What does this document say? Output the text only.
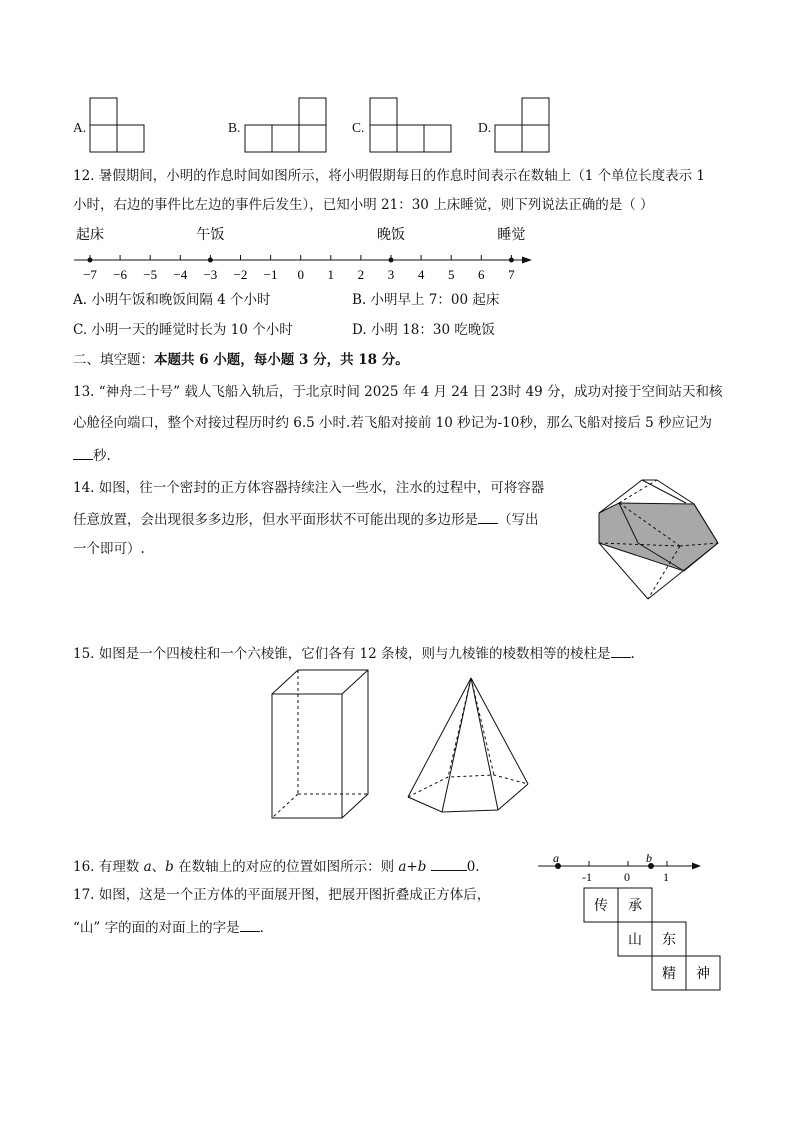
A.	B.	C.	D.
12. 暑假期间，小明的作息时间如图所示，将小明假期每日的作息时间表示在数轴上（1 个单位长度表示 1
小时，右边的事件比左边的事件后发生），已知小明 21：30 上床睡觉，则下列说法正确的是（ ）
起床	午饭	晚饭	睡觉
−7 −6 −5 −4 −3 −2 −1 0 1 2 3 4 5 6 7
A. 小明午饭和晚饭间隔 4 个小时	B. 小明早上 7：00 起床
C. 小明一天的睡觉时长为 10 个小时	D. 小明 18：30 吃晚饭
二、填空题：本题共 6 小题，每小题 3 分，共 18 分。
13. “神舟二十号” 载人飞船入轨后，于北京时间 2025 年 4 月 24 日 23时 49 分，成功对接于空间站天和核
心舱径向端口，整个对接过程历时约 6.5 小时.若飞船对接前 10 秒记为-10秒，那么飞船对接后 5 秒应记为
秒.
14. 如图，往一个密封的正方体容器持续注入一些水，注水的过程中，可将容器
任意放置，会出现很多多边形，但水平面形状不可能出现的多边形是 （写出
一个即可）.
15. 如图是一个四棱柱和一个六棱锥，它们各有 12 条棱，则与九棱锥的棱数相等的棱柱是 .
16. 有理数 a、b 在数轴上的对应的位置如图所示：则 a+b	0.
a	b
-1	0	1
17. 如图，这是一个正方体的平面展开图，把展开图折叠成正方体后，
“山” 字的面的对面上的字是 .
传 承
山 东
精 神
